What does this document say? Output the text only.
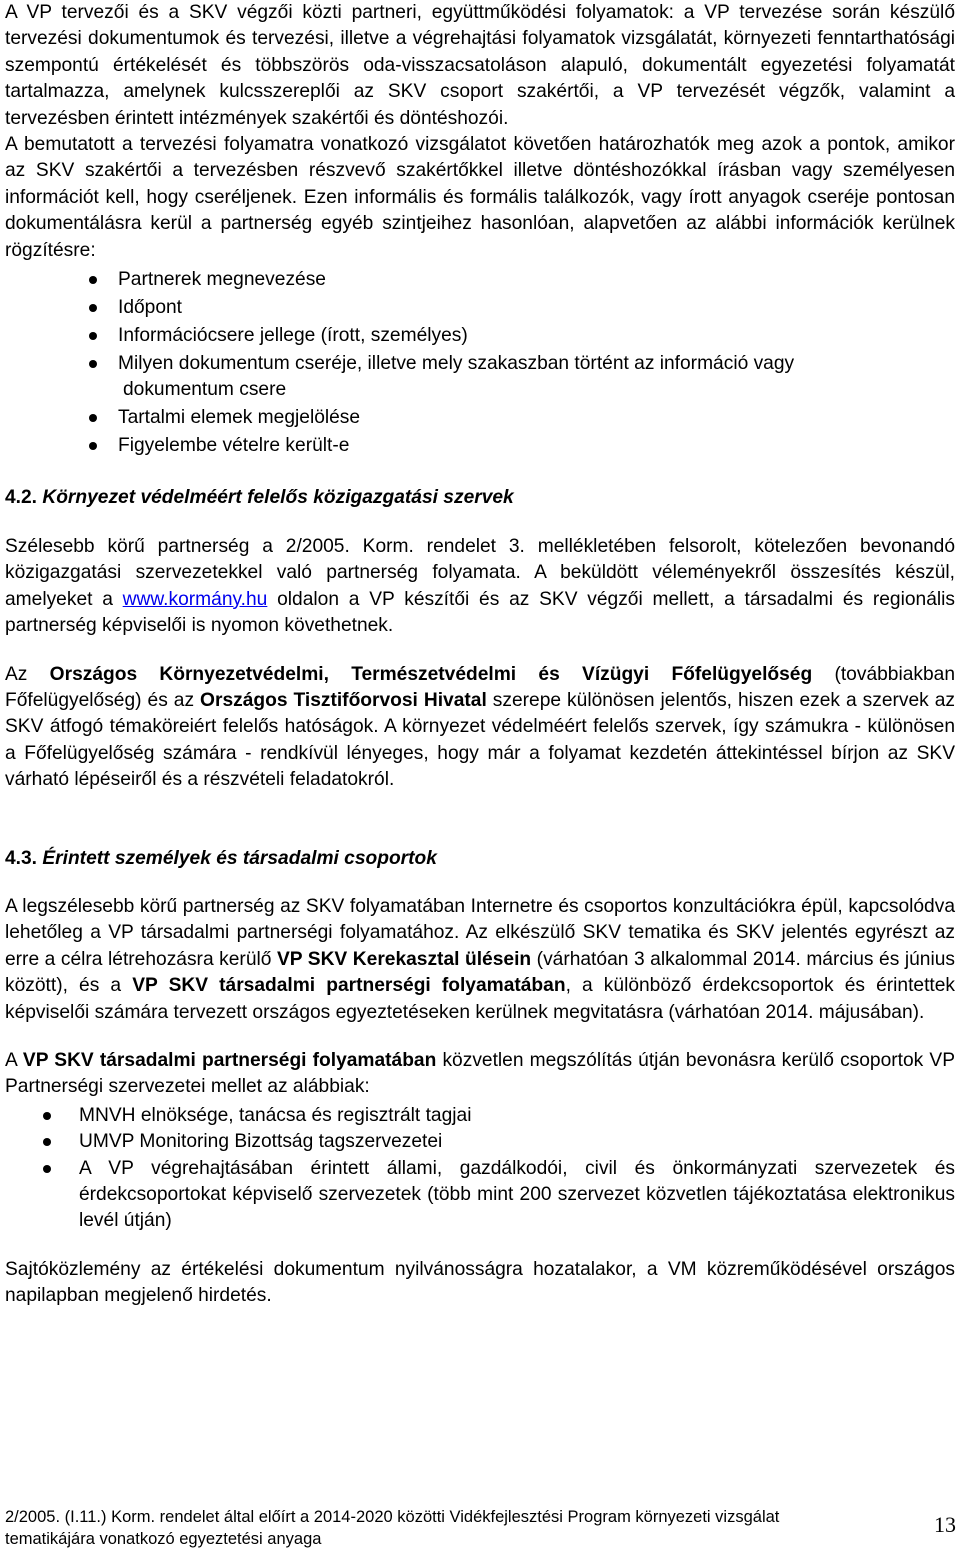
A VP tervezői és a SKV végzői közti partneri, együttműködési folyamatok: a VP tervezése során készülő tervezési dokumentumok és tervezési, illetve a végrehajtási folyamatok vizsgálatát, környezeti fenntarthatósági szempontú értékelését és többszörös oda-visszacsatoláson alapuló, dokumentált egyezetési folyamatát tartalmazza, amelynek kulcsszereplői az SKV csoport szakértői, a VP tervezését végzők, valamint a tervezésben érintett intézmények szakértői és döntéshozói.

A bemutatott a tervezési folyamatra vonatkozó vizsgálatot követően határozhatók meg azok a pontok, amikor az SKV szakértői a tervezésben részvevő szakértőkkel illetve döntéshozókkal írásban vagy személyesen információt kell, hogy cseréljenek. Ezen informális és formális találkozók, vagy írott anyagok cseréje pontosan dokumentálásra kerül a partnerség egyéb szintjeihez hasonlóan, alapvetően az alábbi információk kerülnek rögzítésre:

Partnerek megnevezése
Időpont
Információcsere jellege (írott, személyes)
Milyen dokumentum cseréje, illetve mely szakaszban történt az információ vagy
dokumentum csere
Tartalmi elemek megjelölése
Figyelembe vételre került-e

4.2. Környezet védelméért felelős közigazgatási szervek

Szélesebb körű partnerség a 2/2005. Korm. rendelet 3. mellékletében felsorolt, kötelezően bevonandó közigazgatási szervezetekkel való partnerség folyamata. A beküldött véleményekről összesítés készül, amelyeket a www.kormány.hu oldalon a VP készítői és az SKV végzői mellett, a társadalmi és regionális partnerség képviselői is nyomon követhetnek.

Az Országos Környezetvédelmi, Természetvédelmi és Vízügyi Főfelügyelőség (továbbiakban Főfelügyelőség) és az Országos Tisztifőorvosi Hivatal szerepe különösen jelentős, hiszen ezek a szervek az SKV átfogó témaköreiért felelős hatóságok. A környezet védelméért felelős szervek, így számukra - különösen a Főfelügyelőség számára - rendkívül lényeges, hogy már a folyamat kezdetén áttekintéssel bírjon az SKV várható lépéseiről és a részvételi feladatokról.

4.3. Érintett személyek és társadalmi csoportok

A legszélesebb körű partnerség az SKV folyamatában Internetre és csoportos konzultációkra épül, kapcsolódva lehetőleg a VP társadalmi partnerségi folyamatához. Az elkészülő SKV tematika és SKV jelentés egyrészt az erre a célra létrehozásra kerülő VP SKV Kerekasztal ülésein (várhatóan 3 alkalommal 2014. március és június között), és a VP SKV társadalmi partnerségi folyamatában, a különböző érdekcsoportok és érintettek képviselői számára tervezett országos egyeztetéseken kerülnek megvitatásra (várhatóan 2014. májusában).

A VP SKV társadalmi partnerségi folyamatában közvetlen megszólítás útján bevonásra kerülő csoportok VP Partnerségi szervezetei mellet az alábbiak:

MNVH elnöksége, tanácsa és regisztrált tagjai
UMVP Monitoring Bizottság tagszervezetei
A VP végrehajtásában érintett állami, gazdálkodói, civil és önkormányzati szervezetek és érdekcsoportokat képviselő szervezetek (több mint 200 szervezet közvetlen tájékoztatása elektronikus levél útján)

Sajtóközlemény az értékelési dokumentum nyilvánosságra hozatalakor, a VM közreműködésével országos napilapban megjelenő hirdetés.

2/2005. (I.11.) Korm. rendelet által előírt a 2014-2020 közötti Vidékfejlesztési Program környezeti vizsgálat
tematikájára vonatkozó egyeztetési anyaga
13
